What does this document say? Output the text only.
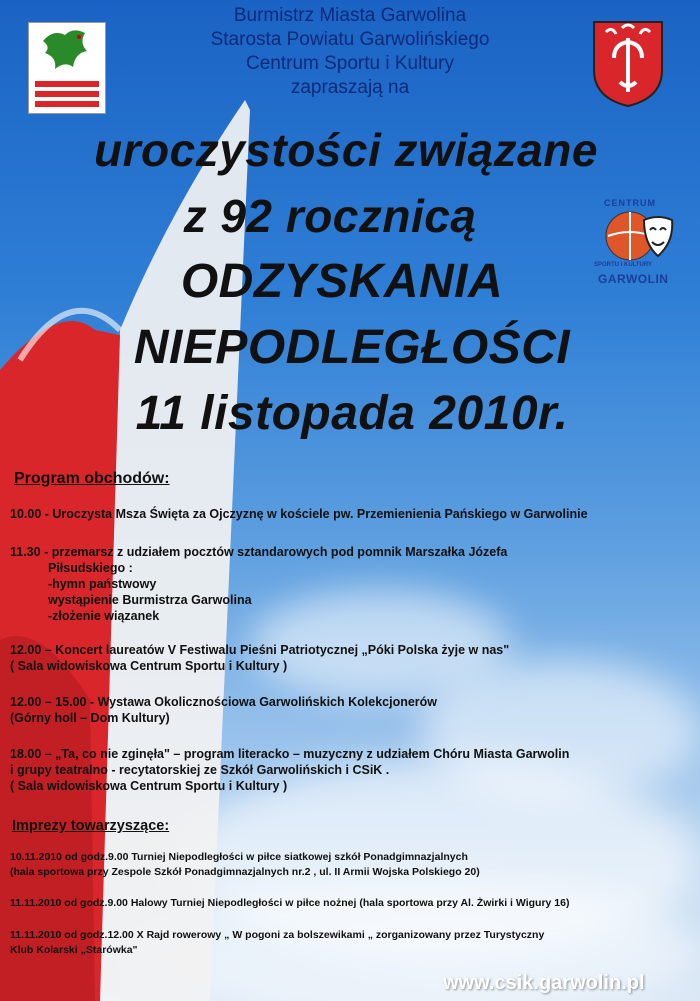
Burmistrz Miasta Garwolina
Starosta Powiatu Garwolińskiego
Centrum Sportu i Kultury
zapraszają na
uroczystości związane
z 92 rocznicą
ODZYSKANIA
NIEPODLEGŁOŚCI
11 listopada 2010r.
CENTRUM
SPORTU I KULTURY
GARWOLIN
Program obchodów:
10.00 - Uroczysta Msza Święta za Ojczyznę w kościele pw. Przemienienia Pańskiego w Garwolinie
11.30 - przemarsz z udziałem pocztów sztandarowych pod pomnik Marszałka Józefa
Piłsudskiego :
-hymn państwowy
wystąpienie Burmistrza Garwolina
-złożenie wiązanek
12.00 – Koncert laureatów V Festiwalu Pieśni Patriotycznej „Póki Polska żyje w nas"
( Sala widowiskowa Centrum Sportu i Kultury )
12.00 – 15.00 - Wystawa Okolicznościowa Garwolińskich Kolekcjonerów
(Górny holl – Dom Kultury)
18.00 – „Ta, co nie zginęła" – program literacko – muzyczny z udziałem Chóru Miasta Garwolin
i grupy teatralno - recytatorskiej ze Szkół Garwolińskich i CSiK .
( Sala widowiskowa Centrum Sportu i Kultury )
Imprezy towarzyszące:
10.11.2010 od godz.9.00 Turniej Niepodległości w piłce siatkowej szkół Ponadgimnazjalnych
(hala sportowa przy Zespole Szkół Ponadgimnazjalnych nr.2 , ul. II Armii Wojska Polskiego 20)
11.11.2010 od godz.9.00 Halowy Turniej Niepodległości w piłce nożnej (hala sportowa przy Al. Żwirki i Wigury 16)
11.11.2010 od godz.12.00 X Rajd rowerowy „ W pogoni za bolszewikami „ zorganizowany przez Turystyczny
Klub Kolarski „Starówka"
www.csik.garwolin.pl
